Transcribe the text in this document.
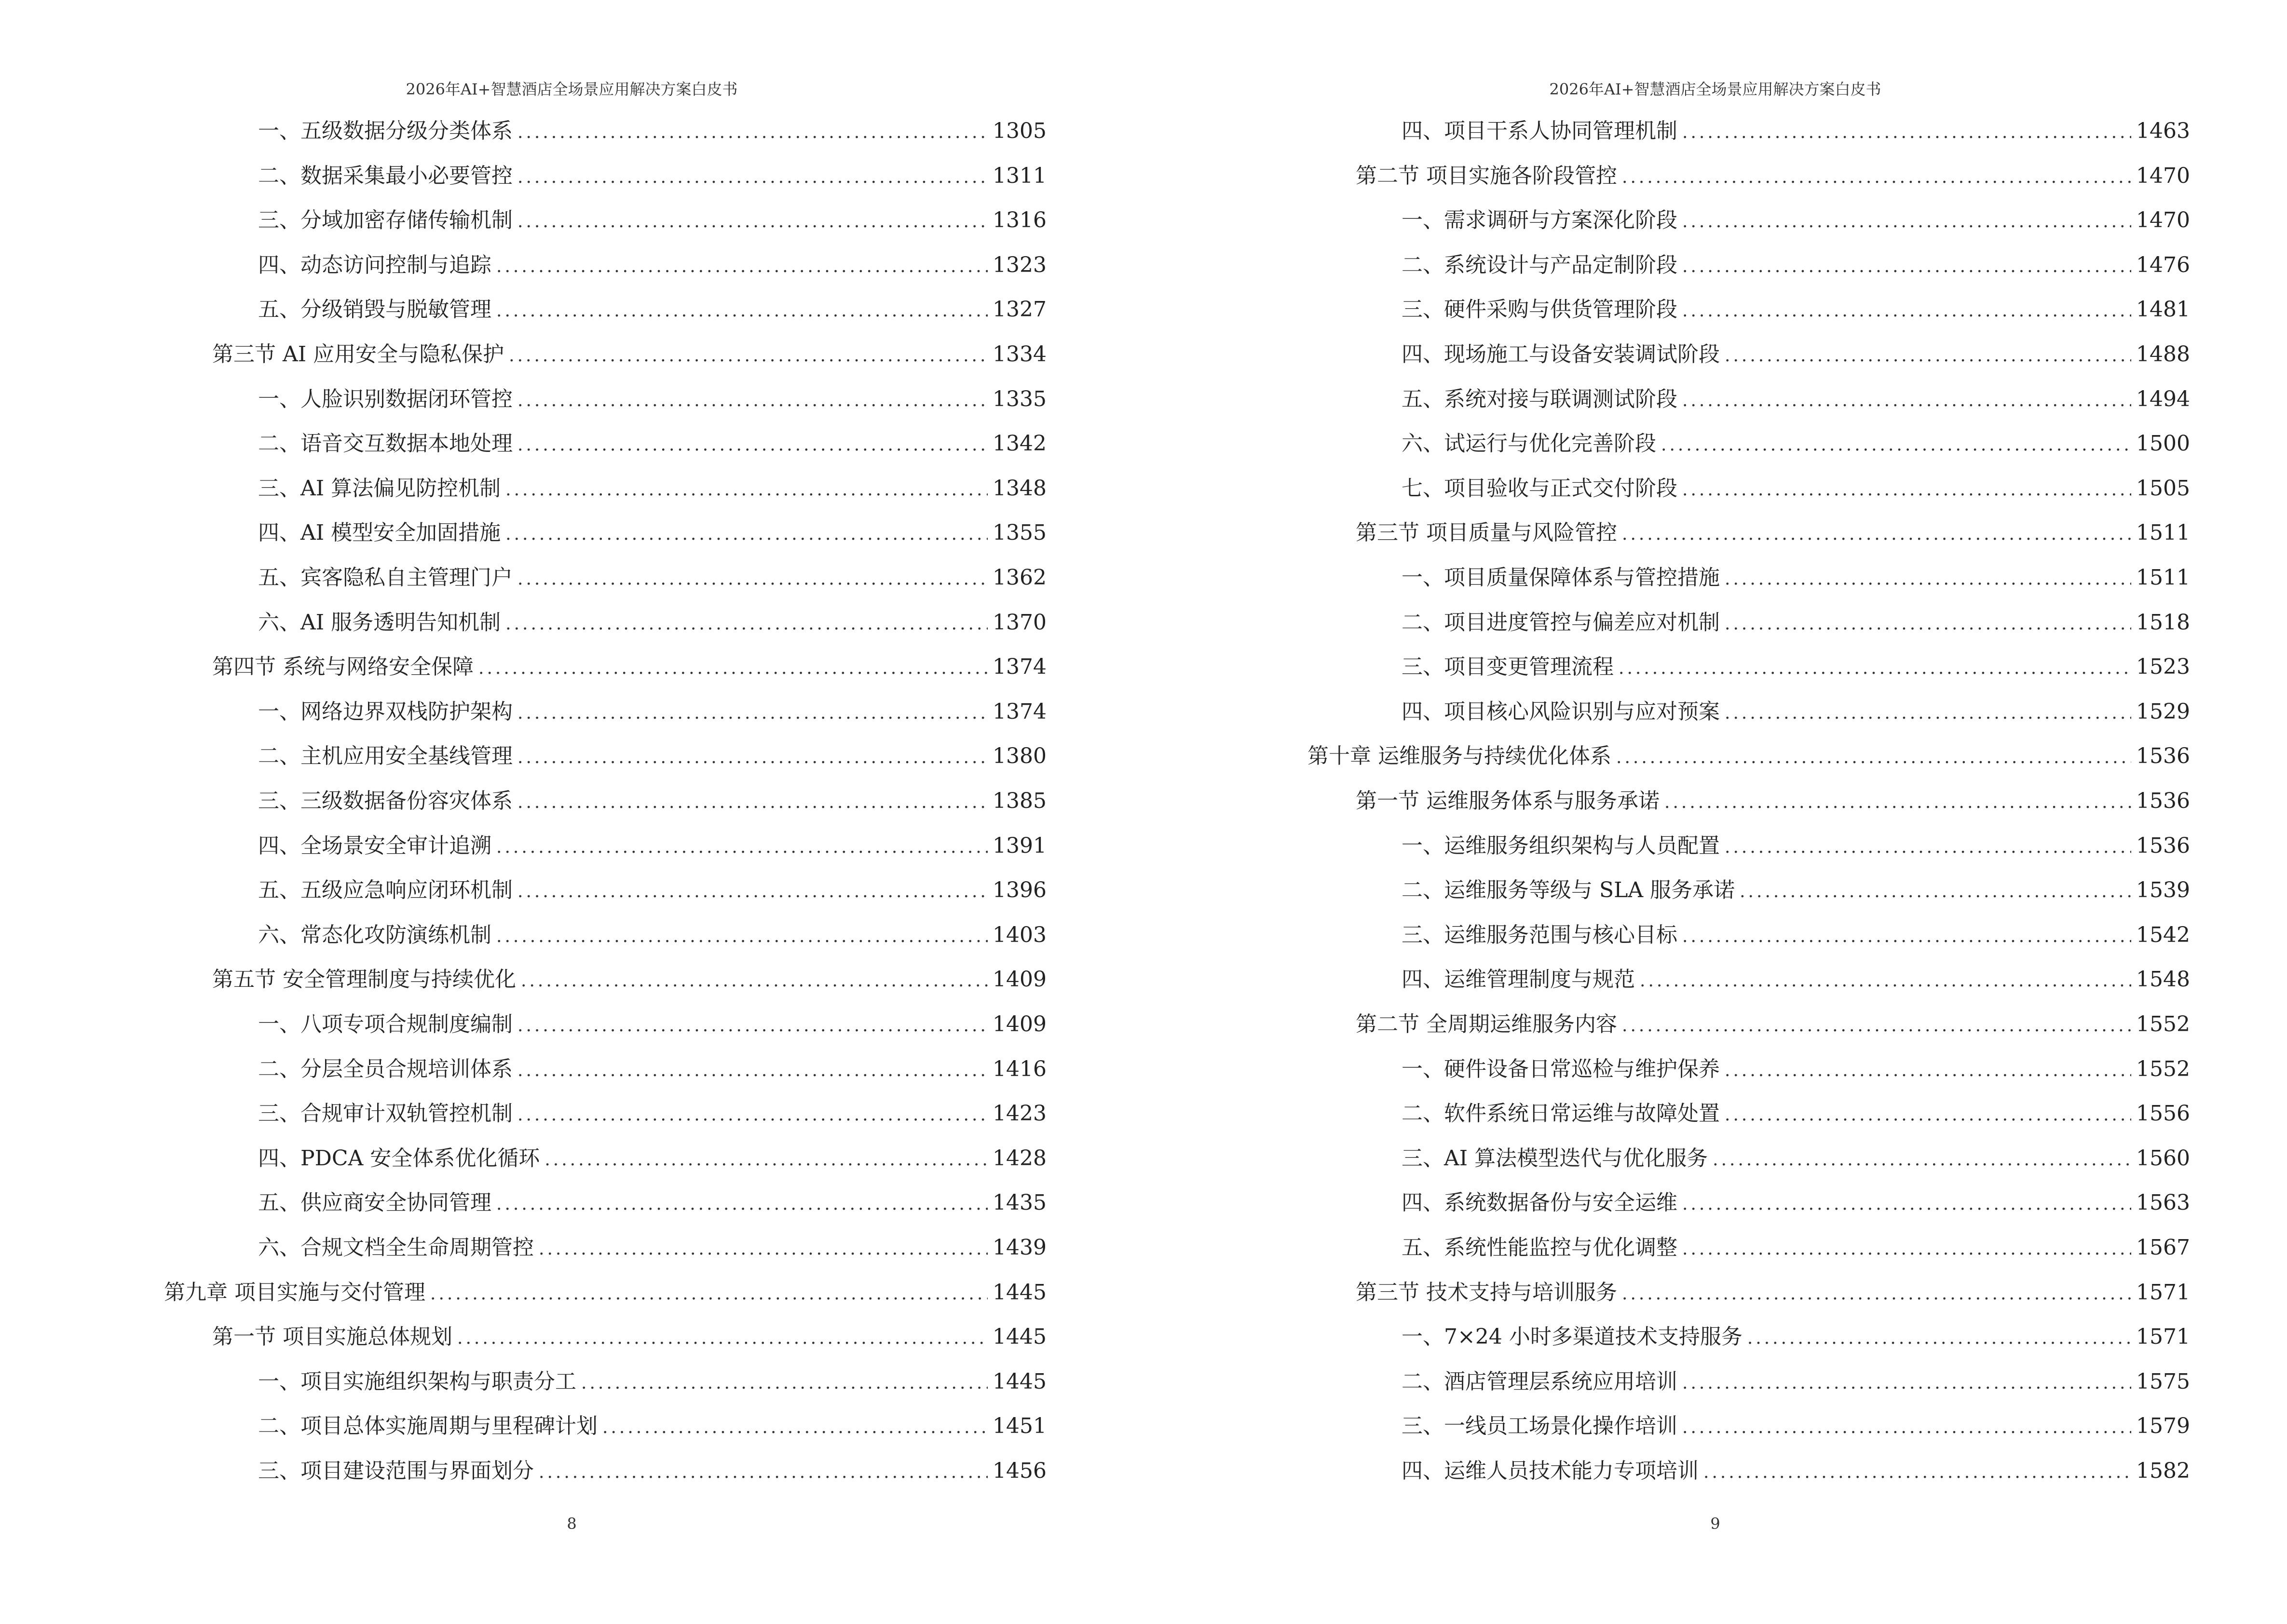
2026年AI+智慧酒店全场景应用解决方案白皮书
一、五级数据分级分类体系 .....	1305
二、数据采集最小必要管控 .....	1311
三、分域加密存储传输机制 .....	1316
四、动态访问控制与追踪 .....	1323
五、分级销毁与脱敏管理 .....	1327
第三节 AI 应用安全与隐私保护 .....	1334
一、人脸识别数据闭环管控 .....	1335
二、语音交互数据本地处理 .....	1342
三、AI 算法偏见防控机制 .....	1348
四、AI 模型安全加固措施 .....	1355
五、宾客隐私自主管理门户 .....	1362
六、AI 服务透明告知机制 .....	1370
第四节 系统与网络安全保障 .....	1374
一、网络边界双栈防护架构 .....	1374
二、主机应用安全基线管理 .....	1380
三、三级数据备份容灾体系 .....	1385
四、全场景安全审计追溯 .....	1391
五、五级应急响应闭环机制 .....	1396
六、常态化攻防演练机制 .....	1403
第五节 安全管理制度与持续优化 .....	1409
一、八项专项合规制度编制 .....	1409
二、分层全员合规培训体系 .....	1416
三、合规审计双轨管控机制 .....	1423
四、PDCA 安全体系优化循环 .....	1428
五、供应商安全协同管理 .....	1435
六、合规文档全生命周期管控 .....	1439
第九章 项目实施与交付管理 .....	1445
第一节 项目实施总体规划 .....	1445
一、项目实施组织架构与职责分工 .....	1445
二、项目总体实施周期与里程碑计划 .....	1451
三、项目建设范围与界面划分 .....	1456
8
2026年AI+智慧酒店全场景应用解决方案白皮书
四、项目干系人协同管理机制 .....	1463
第二节 项目实施各阶段管控 .....	1470
一、需求调研与方案深化阶段 .....	1470
二、系统设计与产品定制阶段 .....	1476
三、硬件采购与供货管理阶段 .....	1481
四、现场施工与设备安装调试阶段 .....	1488
五、系统对接与联调测试阶段 .....	1494
六、试运行与优化完善阶段 .....	1500
七、项目验收与正式交付阶段 .....	1505
第三节 项目质量与风险管控 .....	1511
一、项目质量保障体系与管控措施 .....	1511
二、项目进度管控与偏差应对机制 .....	1518
三、项目变更管理流程 .....	1523
四、项目核心风险识别与应对预案 .....	1529
第十章 运维服务与持续优化体系 .....	1536
第一节 运维服务体系与服务承诺 .....	1536
一、运维服务组织架构与人员配置 .....	1536
二、运维服务等级与 SLA 服务承诺 .....	1539
三、运维服务范围与核心目标 .....	1542
四、运维管理制度与规范 .....	1548
第二节 全周期运维服务内容 .....	1552
一、硬件设备日常巡检与维护保养 .....	1552
二、软件系统日常运维与故障处置 .....	1556
三、AI 算法模型迭代与优化服务 .....	1560
四、系统数据备份与安全运维 .....	1563
五、系统性能监控与优化调整 .....	1567
第三节 技术支持与培训服务 .....	1571
一、7×24 小时多渠道技术支持服务 .....	1571
二、酒店管理层系统应用培训 .....	1575
三、一线员工场景化操作培训 .....	1579
四、运维人员技术能力专项培训 .....	1582
9
